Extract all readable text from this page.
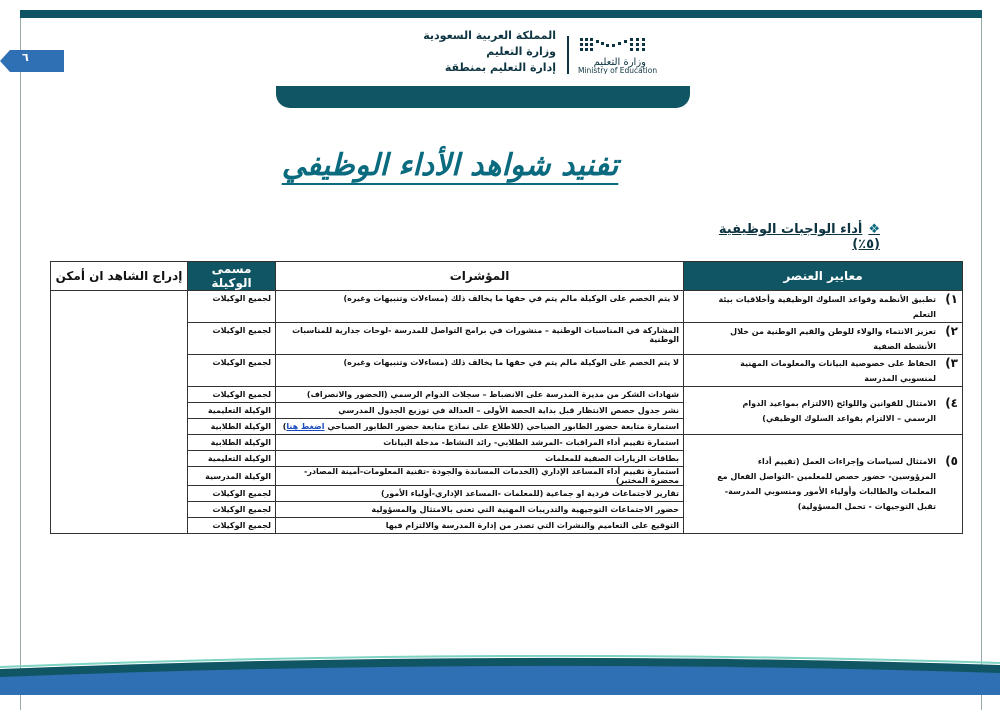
المملكة العربية السعودية
وزارة التعليم
إدارة التعليم بمنطقة	وزارة التعليم
Ministry of Education
٦
تفنيد شواهد الأداء الوظيفي
❖أداء الواجبات الوظيفية (٥٪)
معايير العنصر	المؤشرات	مسمى الوكيلة	إدراج الشاهد ان أمكن
١)تطبيق الأنظمة وقواعد السلوك الوظيفية وأخلاقيات بيئة التعلم	لا يتم الخصم على الوكيلة مالم يتم في حقها ما يخالف ذلك (مساءلات وتنبيهات وغيره)	لجميع الوكيلات	
٢)تعزيز الانتماء والولاء للوطن والقيم الوطنية من خلال الأنشطة الصفية	المشاركة في المناسبات الوطنية – منشورات في برامج التواصل للمدرسة -لوحات جدارية للمناسبات الوطنية	لجميع الوكيلات	
٣)الحفاظ على خصوصية البيانات والمعلومات المهنية لمنسوبي المدرسة	لا يتم الخصم على الوكيلة مالم يتم في حقها ما يخالف ذلك (مساءلات وتنبيهات وغيره)	لجميع الوكيلات	
٤)الامتثال للقوانين واللوائح (الالتزام بمواعيد الدوام الرسمي – الالتزام بقواعد السلوك الوظيفي)	شهادات الشكر من مديرة المدرسة على الانضباط – سجلات الدوام الرسمي (الحضور والانصراف)	لجميع الوكيلات	
	نشر جدول حصص الانتظار قبل بداية الحصة الأولى – العدالة في توزيع الجدول المدرسي	الوكيلة التعليمية	
	استمارة متابعة حضور الطابور الصباحي (للاطلاع على نماذج متابعة حضور الطابور الصباحي اضغط هنا)	الوكيلة الطلابية	
٥)الامتثال لسياسات وإجراءات العمل (تقييم أداء المرؤوسين- حضور حصص للمعلمين -التواصل الفعال مع المعلمات والطالبات وأولياء الأمور ومنسوبي المدرسة-تقبل التوجيهات - تحمل المسؤولية)	استمارة تقييم أداء المراقبات -المرشد الطلابي- رائد النشاط- مدخلة البيانات	الوكيلة الطلابية	
	بطاقات الزيارات الصفية للمعلمات	الوكيلة التعليمية	
	استمارة تقييم أداء المساعد الإداري (الخدمات المساندة والجودة -تقنية المعلومات-أمينة المصادر-محضرة المختبر)	الوكيلة المدرسية	
	تقارير لاجتماعات فردية او جماعية (للمعلمات -المساعد الإداري-أولياء الأمور)	لجميع الوكيلات	
	حضور الاجتماعات التوجيهية والتدريبات المهنية التي تعنى بالامتثال والمسؤولية	لجميع الوكيلات	
	التوقيع على التعاميم والنشرات التي تصدر من إدارة المدرسة والالتزام فيها	لجميع الوكيلات	
